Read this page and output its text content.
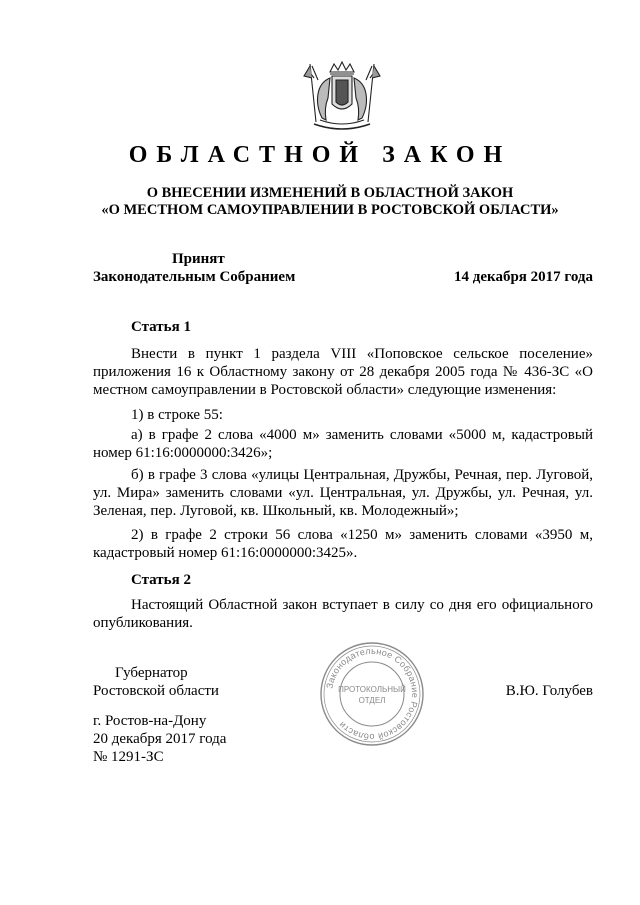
ОБЛАСТНОЙ ЗАКОН
О ВНЕСЕНИИ ИЗМЕНЕНИЙ В ОБЛАСТНОЙ ЗАКОН
«О МЕСТНОМ САМОУПРАВЛЕНИИ В РОСТОВСКОЙ ОБЛАСТИ»
Принят
Законодательным Собранием	14 декабря 2017 года
Статья 1
Внести в пункт 1 раздела VIII «Поповское сельское поселение» приложения 16 к Областному закону от 28 декабря 2005 года № 436-ЗС «О местном самоуправлении в Ростовской области» следующие изменения:
1) в строке 55:
а) в графе 2 слова «4000 м» заменить словами «5000 м, кадастровый номер 61:16:0000000:3426»;
б) в графе 3 слова «улицы Центральная, Дружбы, Речная, пер. Луговой, ул. Мира» заменить словами «ул. Центральная, ул. Дружбы, ул. Речная, ул. Зеленая, пер. Луговой, кв. Школьный, кв. Молодежный»;
2) в графе 2 строки 56 слова «1250 м» заменить словами «3950 м, кадастровый номер 61:16:0000000:3425».
Статья 2
Настоящий Областной закон вступает в силу со дня его официального опубликования.
Губернатор
Ростовской области	В.Ю. Голубев
Законодательное Собрание Ростовской области
ПРОТОКОЛЬНЫЙ
ОТДЕЛ
г. Ростов-на-Дону
20 декабря 2017 года
№ 1291-ЗС
